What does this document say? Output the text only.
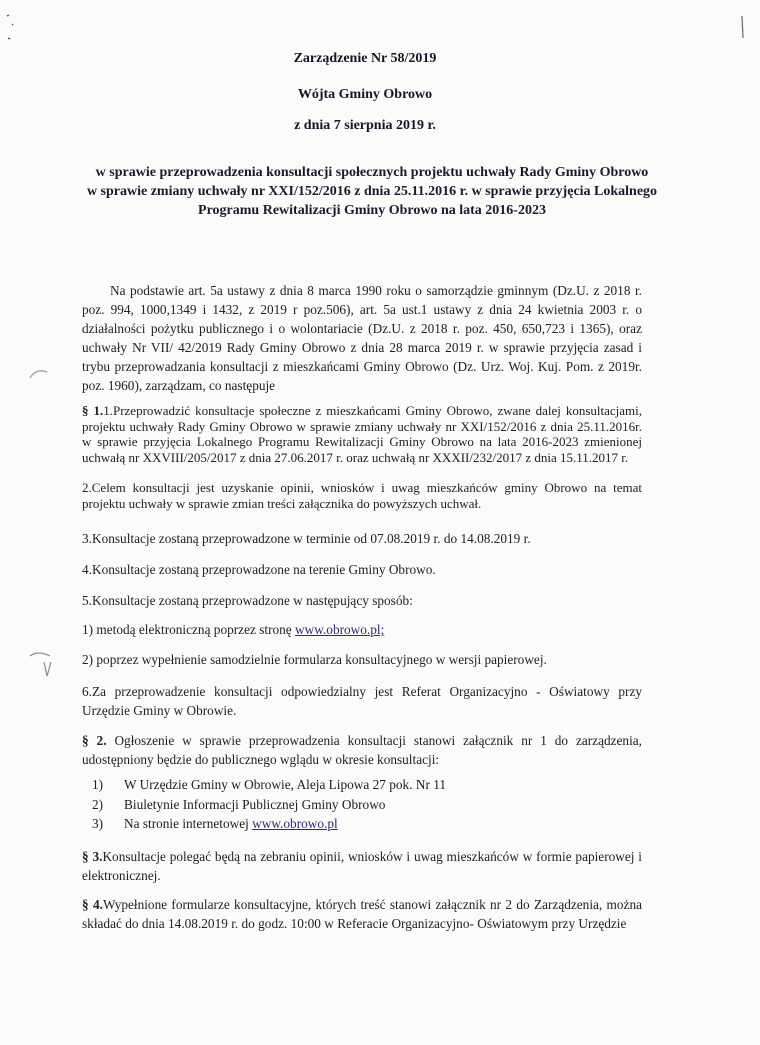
Zarządzenie Nr 58/2019
Wójta Gminy Obrowo
z dnia 7 sierpnia 2019 r.
w sprawie przeprowadzenia konsultacji społecznych projektu uchwały Rady Gminy Obrowo
w sprawie zmiany uchwały nr XXI/152/2016 z dnia 25.11.2016 r. w sprawie przyjęcia Lokalnego
Programu Rewitalizacji Gminy Obrowo na lata 2016-2023
Na podstawie art. 5a ustawy z dnia 8 marca 1990 roku o samorządzie gminnym (Dz.U. z 2018 r. poz. 994, 1000,1349 i 1432, z 2019 r poz.506), art. 5a ust.1 ustawy z dnia 24 kwietnia 2003 r. o działalności pożytku publicznego i o wolontariacie (Dz.U. z 2018 r. poz. 450, 650,723 i 1365), oraz uchwały Nr VII/ 42/2019 Rady Gminy Obrowo z dnia 28 marca 2019 r. w sprawie przyjęcia zasad i trybu przeprowadzania konsultacji z mieszkańcami Gminy Obrowo (Dz. Urz. Woj. Kuj. Pom. z 2019r. poz. 1960), zarządzam, co następuje
§ 1.1.Przeprowadzić konsultacje społeczne z mieszkańcami Gminy Obrowo, zwane dalej konsultacjami, projektu uchwały Rady Gminy Obrowo w sprawie zmiany uchwały nr XXI/152/2016 z dnia 25.11.2016r. w sprawie przyjęcia Lokalnego Programu Rewitalizacji Gminy Obrowo na lata 2016-2023 zmienionej uchwałą nr XXVIII/205/2017 z dnia 27.06.2017 r. oraz uchwałą nr XXXII/232/2017 z dnia 15.11.2017 r.
2.Celem konsultacji jest uzyskanie opinii, wniosków i uwag mieszkańców gminy Obrowo na temat projektu uchwały w sprawie zmian treści załącznika do powyższych uchwał.
3.Konsultacje zostaną przeprowadzone w terminie od 07.08.2019 r. do 14.08.2019 r.
4.Konsultacje zostaną przeprowadzone na terenie Gminy Obrowo.
5.Konsultacje zostaną przeprowadzone w następujący sposób:
1) metodą elektroniczną poprzez stronę www.obrowo.pl;
2) poprzez wypełnienie samodzielnie formularza konsultacyjnego w wersji papierowej.
6.Za przeprowadzenie konsultacji odpowiedzialny jest Referat Organizacyjno - Oświatowy przy Urzędzie Gminy w Obrowie.
§ 2. Ogłoszenie w sprawie przeprowadzenia konsultacji stanowi załącznik nr 1 do zarządzenia, udostępniony będzie do publicznego wglądu w okresie konsultacji:
1)	W Urzędzie Gminy w Obrowie, Aleja Lipowa 27 pok. Nr 11
2)	Biuletynie Informacji Publicznej Gminy Obrowo
3)	Na stronie internetowej www.obrowo.pl
§ 3.Konsultacje polegać będą na zebraniu opinii, wniosków i uwag mieszkańców w formie papierowej i elektronicznej.
§ 4.Wypełnione formularze konsultacyjne, których treść stanowi załącznik nr 2 do Zarządzenia, można składać do dnia 14.08.2019 r. do godz. 10:00 w Referacie Organizacyjno- Oświatowym przy Urzędzie
